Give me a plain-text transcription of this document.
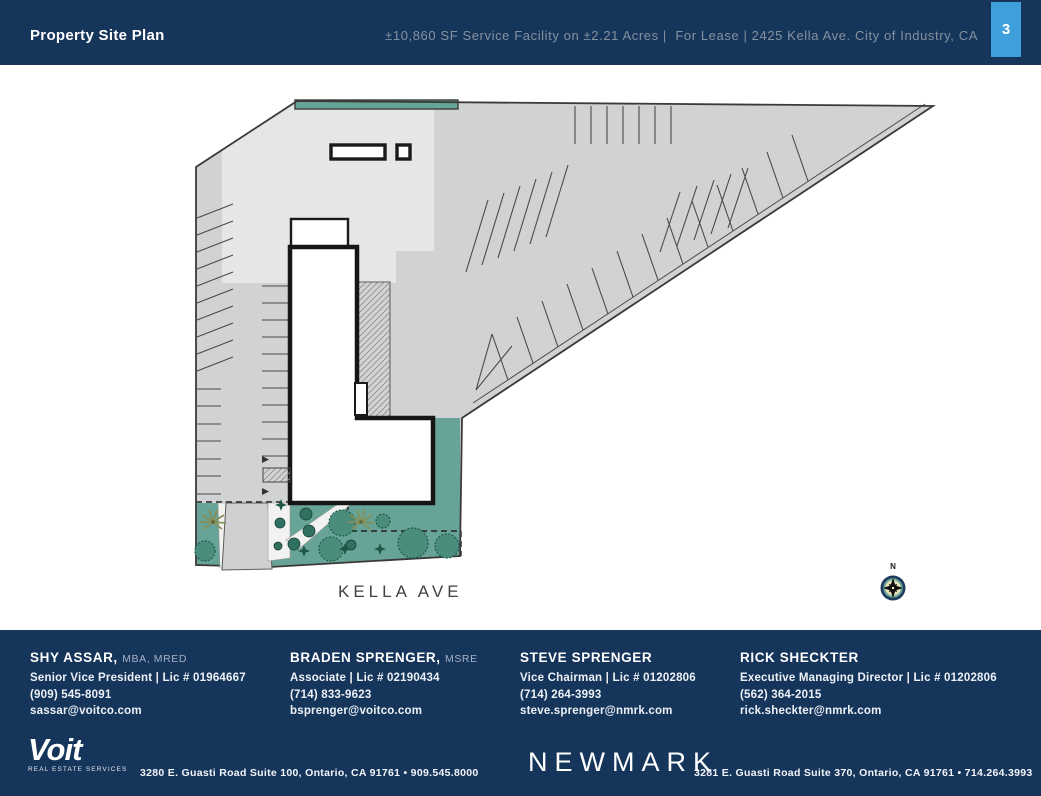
Property Site Plan	±10,860 SF Service Facility on ±2.21 Acres |  For Lease | 2425 Kella Ave. City of Industry, CA 3
KELLA AVE
N
SHY ASSAR, MBA, MRED
Senior Vice President | Lic # 01964667
(909) 545-8091
sassar@voitco.com
BRADEN SPRENGER, MSRE
Associate | Lic # 02190434
(714) 833-9623
bsprenger@voitco.com
STEVE SPRENGER
Vice Chairman | Lic # 01202806
(714) 264-3993
steve.sprenger@nmrk.com
RICK SHECKTER
Executive Managing Director | Lic # 01202806
(562) 364-2015
rick.sheckter@nmrk.com
Voit
REAL ESTATE SERVICES	3280 E. Guasti Road Suite 100, Ontario, CA 91761 • 909.545.8000 NEWMARK
3281 E. Guasti Road Suite 370, Ontario, CA 91761 • 714.264.3993
